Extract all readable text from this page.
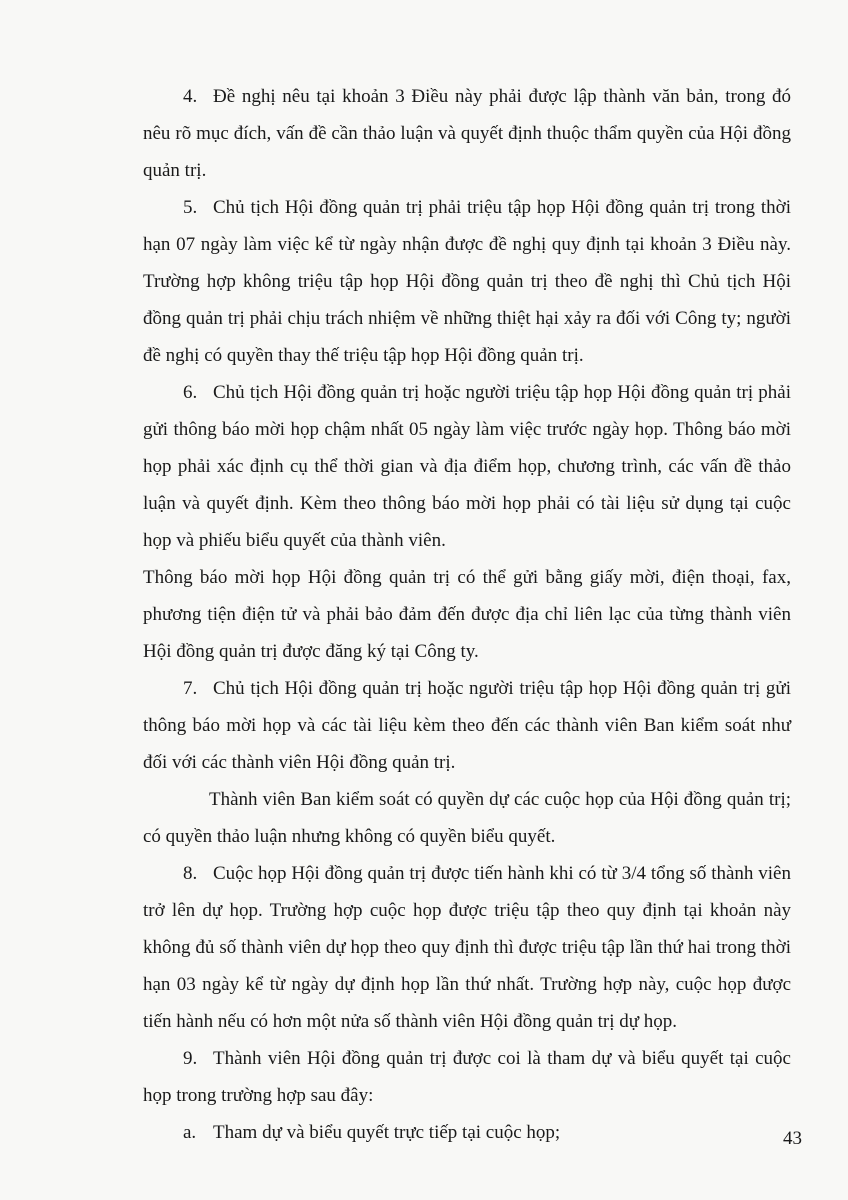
4. Đề nghị nêu tại khoản 3 Điều này phải được lập thành văn bản, trong đó nêu rõ mục đích, vấn đề cần thảo luận và quyết định thuộc thẩm quyền của Hội đồng quản trị.

5. Chủ tịch Hội đồng quản trị phải triệu tập họp Hội đồng quản trị trong thời hạn 07 ngày làm việc kể từ ngày nhận được đề nghị quy định tại khoản 3 Điều này. Trường hợp không triệu tập họp Hội đồng quản trị theo đề nghị thì Chủ tịch Hội đồng quản trị phải chịu trách nhiệm về những thiệt hại xảy ra đối với Công ty; người đề nghị có quyền thay thế triệu tập họp Hội đồng quản trị.

6. Chủ tịch Hội đồng quản trị hoặc người triệu tập họp Hội đồng quản trị phải gửi thông báo mời họp chậm nhất 05 ngày làm việc trước ngày họp. Thông báo mời họp phải xác định cụ thể thời gian và địa điểm họp, chương trình, các vấn đề thảo luận và quyết định. Kèm theo thông báo mời họp phải có tài liệu sử dụng tại cuộc họp và phiếu biểu quyết của thành viên.

Thông báo mời họp Hội đồng quản trị có thể gửi bằng giấy mời, điện thoại, fax, phương tiện điện tử và phải bảo đảm đến được địa chỉ liên lạc của từng thành viên Hội đồng quản trị được đăng ký tại Công ty.

7. Chủ tịch Hội đồng quản trị hoặc người triệu tập họp Hội đồng quản trị gửi thông báo mời họp và các tài liệu kèm theo đến các thành viên Ban kiểm soát như đối với các thành viên Hội đồng quản trị.

Thành viên Ban kiểm soát có quyền dự các cuộc họp của Hội đồng quản trị; có quyền thảo luận nhưng không có quyền biểu quyết.

8. Cuộc họp Hội đồng quản trị được tiến hành khi có từ 3/4 tổng số thành viên trở lên dự họp. Trường hợp cuộc họp được triệu tập theo quy định tại khoản này không đủ số thành viên dự họp theo quy định thì được triệu tập lần thứ hai trong thời hạn 03 ngày kể từ ngày dự định họp lần thứ nhất. Trường hợp này, cuộc họp được tiến hành nếu có hơn một nửa số thành viên Hội đồng quản trị dự họp.

9. Thành viên Hội đồng quản trị được coi là tham dự và biểu quyết tại cuộc họp trong trường hợp sau đây:

a. Tham dự và biểu quyết trực tiếp tại cuộc họp;	43
